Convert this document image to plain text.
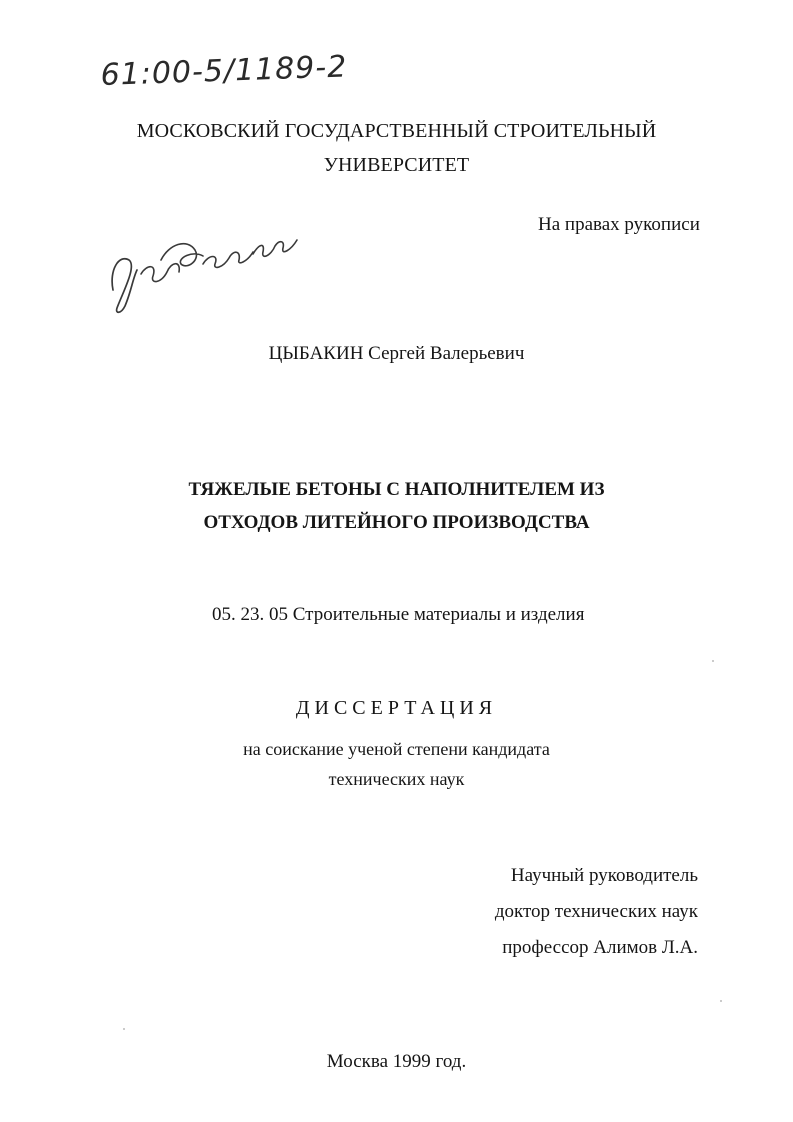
61:00-5/1189-2
МОСКОВСКИЙ ГОСУДАРСТВЕННЫЙ СТРОИТЕЛЬНЫЙ
УНИВЕРСИТЕТ
На правах рукописи
ЦЫБАКИН Сергей Валерьевич
ТЯЖЕЛЫЕ БЕТОНЫ С НАПОЛНИТЕЛЕМ ИЗ
ОТХОДОВ ЛИТЕЙНОГО ПРОИЗВОДСТВА
05. 23. 05 Строительные материалы и изделия
ДИССЕРТАЦИЯ
на соискание ученой степени кандидата
технических наук
Научный руководитель
доктор технических наук
профессор Алимов Л.А.
Москва 1999 год.
